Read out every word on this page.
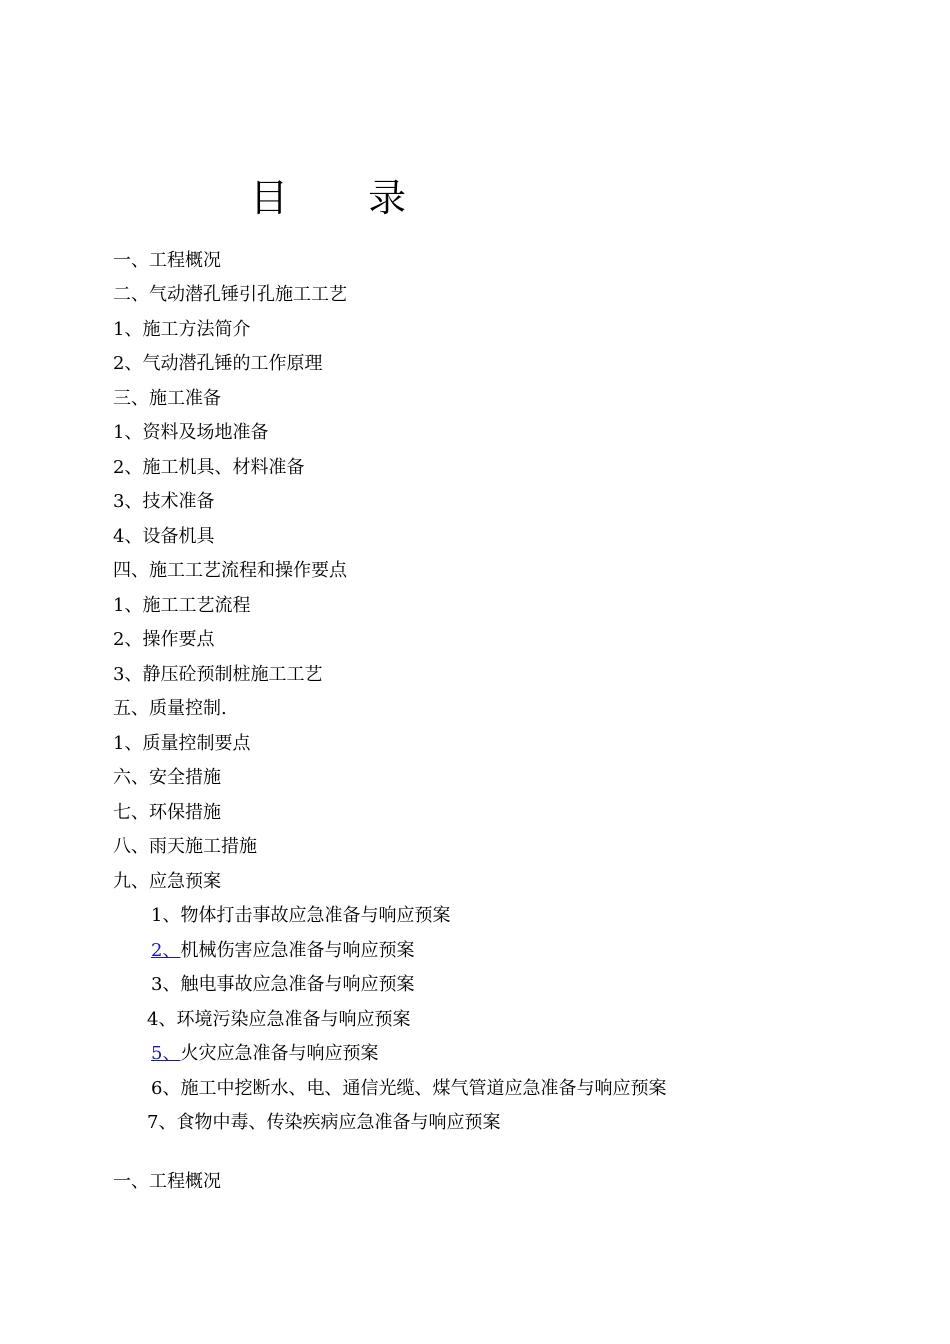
目 录
一、工程概况
二、气动潜孔锤引孔施工工艺
1、施工方法简介
2、气动潜孔锤的工作原理
三、施工准备
1、资料及场地准备
2、施工机具、材料准备
3、技术准备
4、设备机具
四、施工工艺流程和操作要点
1、施工工艺流程
2、操作要点
3、静压砼预制桩施工工艺
五、质量控制.
1、质量控制要点
六、安全措施
七、环保措施
八、雨天施工措施
九、应急预案
1、物体打击事故应急准备与响应预案
2、机械伤害应急准备与响应预案
3、触电事故应急准备与响应预案
4、环境污染应急准备与响应预案
5、火灾应急准备与响应预案
6、施工中挖断水、电、通信光缆、煤气管道应急准备与响应预案
7、食物中毒、传染疾病应急准备与响应预案
一、工程概况
